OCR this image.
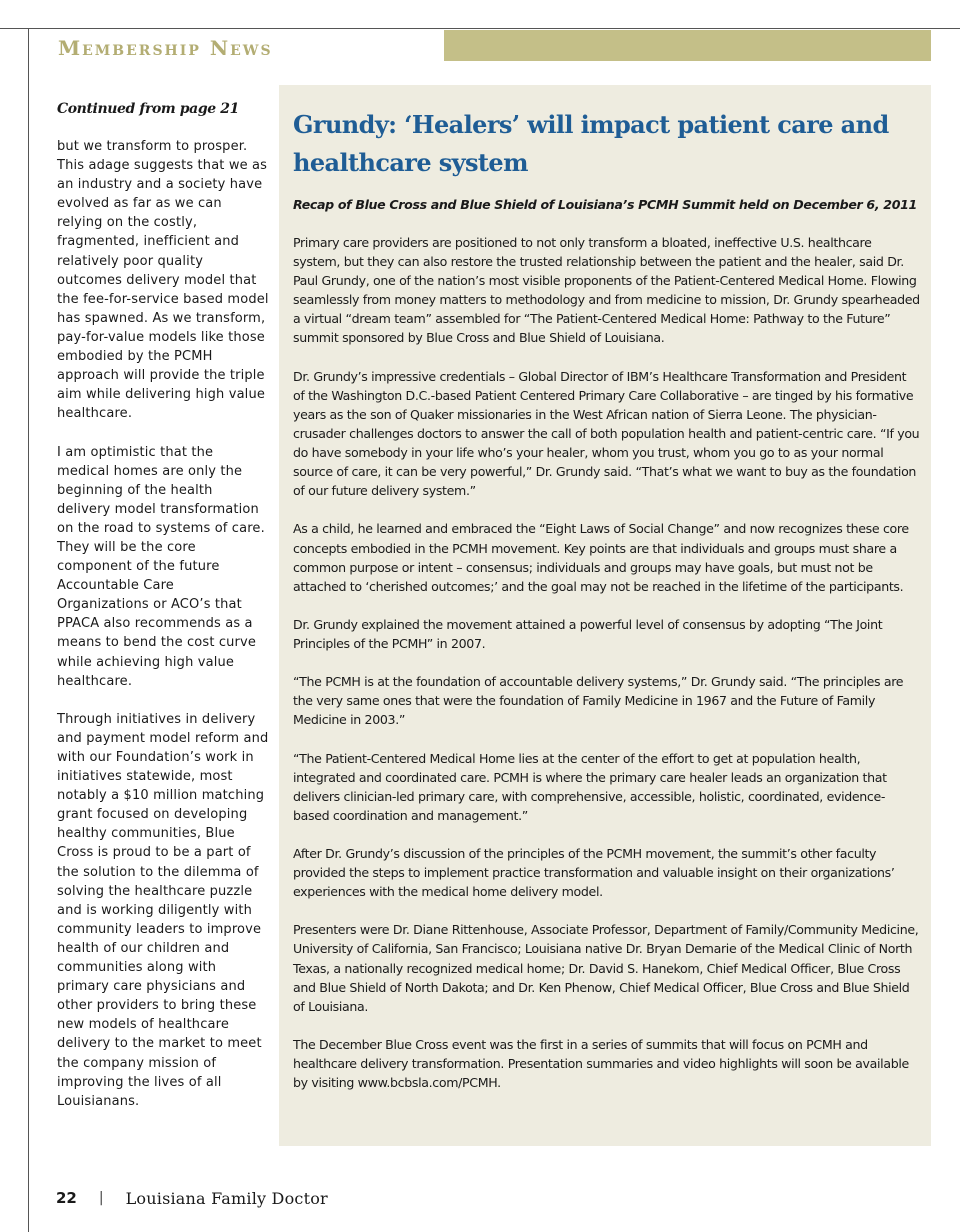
Membership News
Continued from page 21

but we transform to prosper. This adage suggests that we as an industry and a society have evolved as far as we can relying on the costly, fragmented, inefficient and relatively poor quality outcomes delivery model that the fee-for-service based model has spawned. As we transform, pay-for-value models like those embodied by the PCMH approach will provide the triple aim while delivering high value healthcare.

I am optimistic that the medical homes are only the beginning of the health delivery model transformation on the road to systems of care. They will be the core component of the future Accountable Care Organizations or ACO’s that PPACA also recommends as a means to bend the cost curve while achieving high value healthcare.

Through initiatives in delivery and payment model reform and with our Foundation’s work in initiatives statewide, most notably a $10 million matching grant focused on developing healthy communities, Blue Cross is proud to be a part of the solution to the dilemma of solving the healthcare puzzle and is working diligently with community leaders to improve health of our children and communities along with primary care physicians and other providers to bring these new models of healthcare delivery to the market to meet the company mission of improving the lives of all Louisianans.

Grundy: ‘Healers’ will impact patient care and healthcare system
Recap of Blue Cross and Blue Shield of Louisiana’s PCMH Summit held on December 6, 2011

Primary care providers are positioned to not only transform a bloated, ineffective U.S. healthcare system, but they can also restore the trusted relationship between the patient and the healer, said Dr. Paul Grundy, one of the nation’s most visible proponents of the Patient-Centered Medical Home. Flowing seamlessly from money matters to methodology and from medicine to mission, Dr. Grundy spearheaded a virtual “dream team” assembled for “The Patient-Centered Medical Home: Pathway to the Future” summit sponsored by Blue Cross and Blue Shield of Louisiana.

Dr. Grundy’s impressive credentials – Global Director of IBM’s Healthcare Transformation and President of the Washington D.C.-based Patient Centered Primary Care Collaborative – are tinged by his formative years as the son of Quaker missionaries in the West African nation of Sierra Leone. The physician-crusader challenges doctors to answer the call of both population health and patient-centric care. “If you do have somebody in your life who’s your healer, whom you trust, whom you go to as your normal source of care, it can be very powerful,” Dr. Grundy said. “That’s what we want to buy as the foundation of our future delivery system.”

As a child, he learned and embraced the “Eight Laws of Social Change” and now recognizes these core concepts embodied in the PCMH movement. Key points are that individuals and groups must share a common purpose or intent – consensus; individuals and groups may have goals, but must not be attached to ‘cherished outcomes;’ and the goal may not be reached in the lifetime of the participants.

Dr. Grundy explained the movement attained a powerful level of consensus by adopting “The Joint Principles of the PCMH” in 2007.

“The PCMH is at the foundation of accountable delivery systems,” Dr. Grundy said. “The principles are the very same ones that were the foundation of Family Medicine in 1967 and the Future of Family Medicine in 2003.”

“The Patient-Centered Medical Home lies at the center of the effort to get at population health, integrated and coordinated care. PCMH is where the primary care healer leads an organization that delivers clinician-led primary care, with comprehensive, accessible, holistic, coordinated, evidence-based coordination and management.”

After Dr. Grundy’s discussion of the principles of the PCMH movement, the summit’s other faculty provided the steps to implement practice transformation and valuable insight on their organizations’ experiences with the medical home delivery model.

Presenters were Dr. Diane Rittenhouse, Associate Professor, Department of Family/Community Medicine, University of California, San Francisco; Louisiana native Dr. Bryan Demarie of the Medical Clinic of North Texas, a nationally recognized medical home; Dr. David S. Hanekom, Chief Medical Officer, Blue Cross and Blue Shield of North Dakota; and Dr. Ken Phenow, Chief Medical Officer, Blue Cross and Blue Shield of Louisiana.

The December Blue Cross event was the first in a series of summits that will focus on PCMH and healthcare delivery transformation. Presentation summaries and video highlights will soon be available by visiting www.bcbsla.com/PCMH.

22 | Louisiana Family Doctor
